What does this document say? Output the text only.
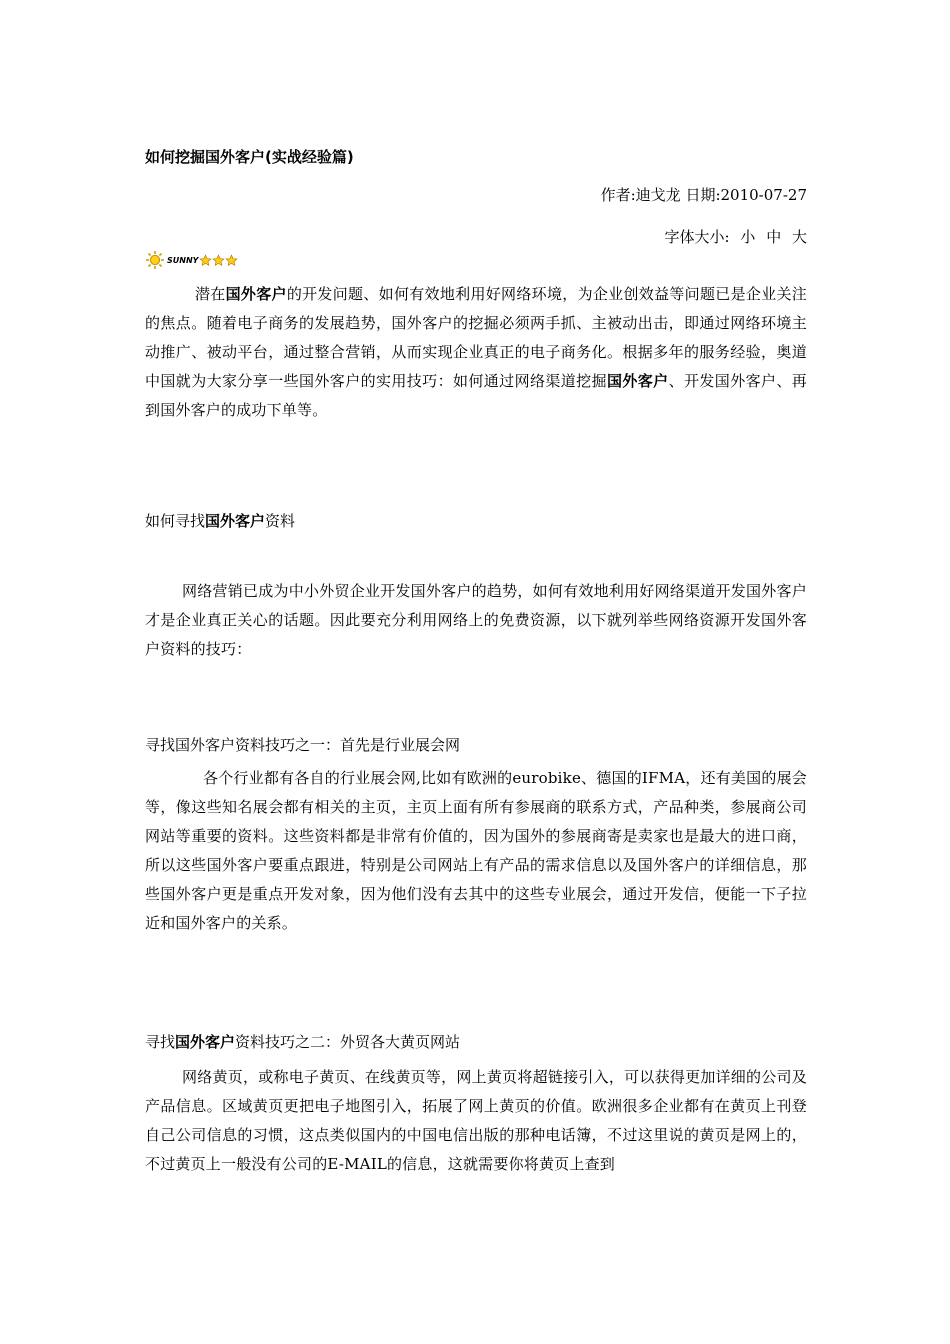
如何挖掘国外客户(实战经验篇)
作者:迪戈龙 日期:2010-07-27
字体大小: 小 中 大
SUNNY

潜在国外客户的开发问题、如何有效地利用好网络环境，为企业创效益等问题已是企业关注的焦点。随着电子商务的发展趋势，国外客户的挖掘必须两手抓、主被动出击，即通过网络环境主动推广、被动平台，通过整合营销，从而实现企业真正的电子商务化。根据多年的服务经验，奥道中国就为大家分享一些国外客户的实用技巧：如何通过网络渠道挖掘国外客户、开发国外客户、再到国外客户的成功下单等。

如何寻找国外客户资料

网络营销已成为中小外贸企业开发国外客户的趋势，如何有效地利用好网络渠道开发国外客户才是企业真正关心的话题。因此要充分利用网络上的免费资源，以下就列举些网络资源开发国外客户资料的技巧：

寻找国外客户资料技巧之一：首先是行业展会网

各个行业都有各自的行业展会网,比如有欧洲的eurobike、德国的IFMA，还有美国的展会等，像这些知名展会都有相关的主页，主页上面有所有参展商的联系方式，产品种类，参展商公司网站等重要的资料。这些资料都是非常有价值的，因为国外的参展商寄是卖家也是最大的进口商，所以这些国外客户要重点跟进，特别是公司网站上有产品的需求信息以及国外客户的详细信息，那些国外客户更是重点开发对象，因为他们没有去其中的这些专业展会，通过开发信，便能一下子拉近和国外客户的关系。

寻找国外客户资料技巧之二：外贸各大黄页网站

网络黄页，或称电子黄页、在线黄页等，网上黄页将超链接引入，可以获得更加详细的公司及产品信息。区域黄页更把电子地图引入，拓展了网上黄页的价值。欧洲很多企业都有在黄页上刊登自己公司信息的习惯，这点类似国内的中国电信出版的那种电话簿，不过这里说的黄页是网上的，不过黄页上一般没有公司的E-MAIL的信息，这就需要你将黄页上查到
